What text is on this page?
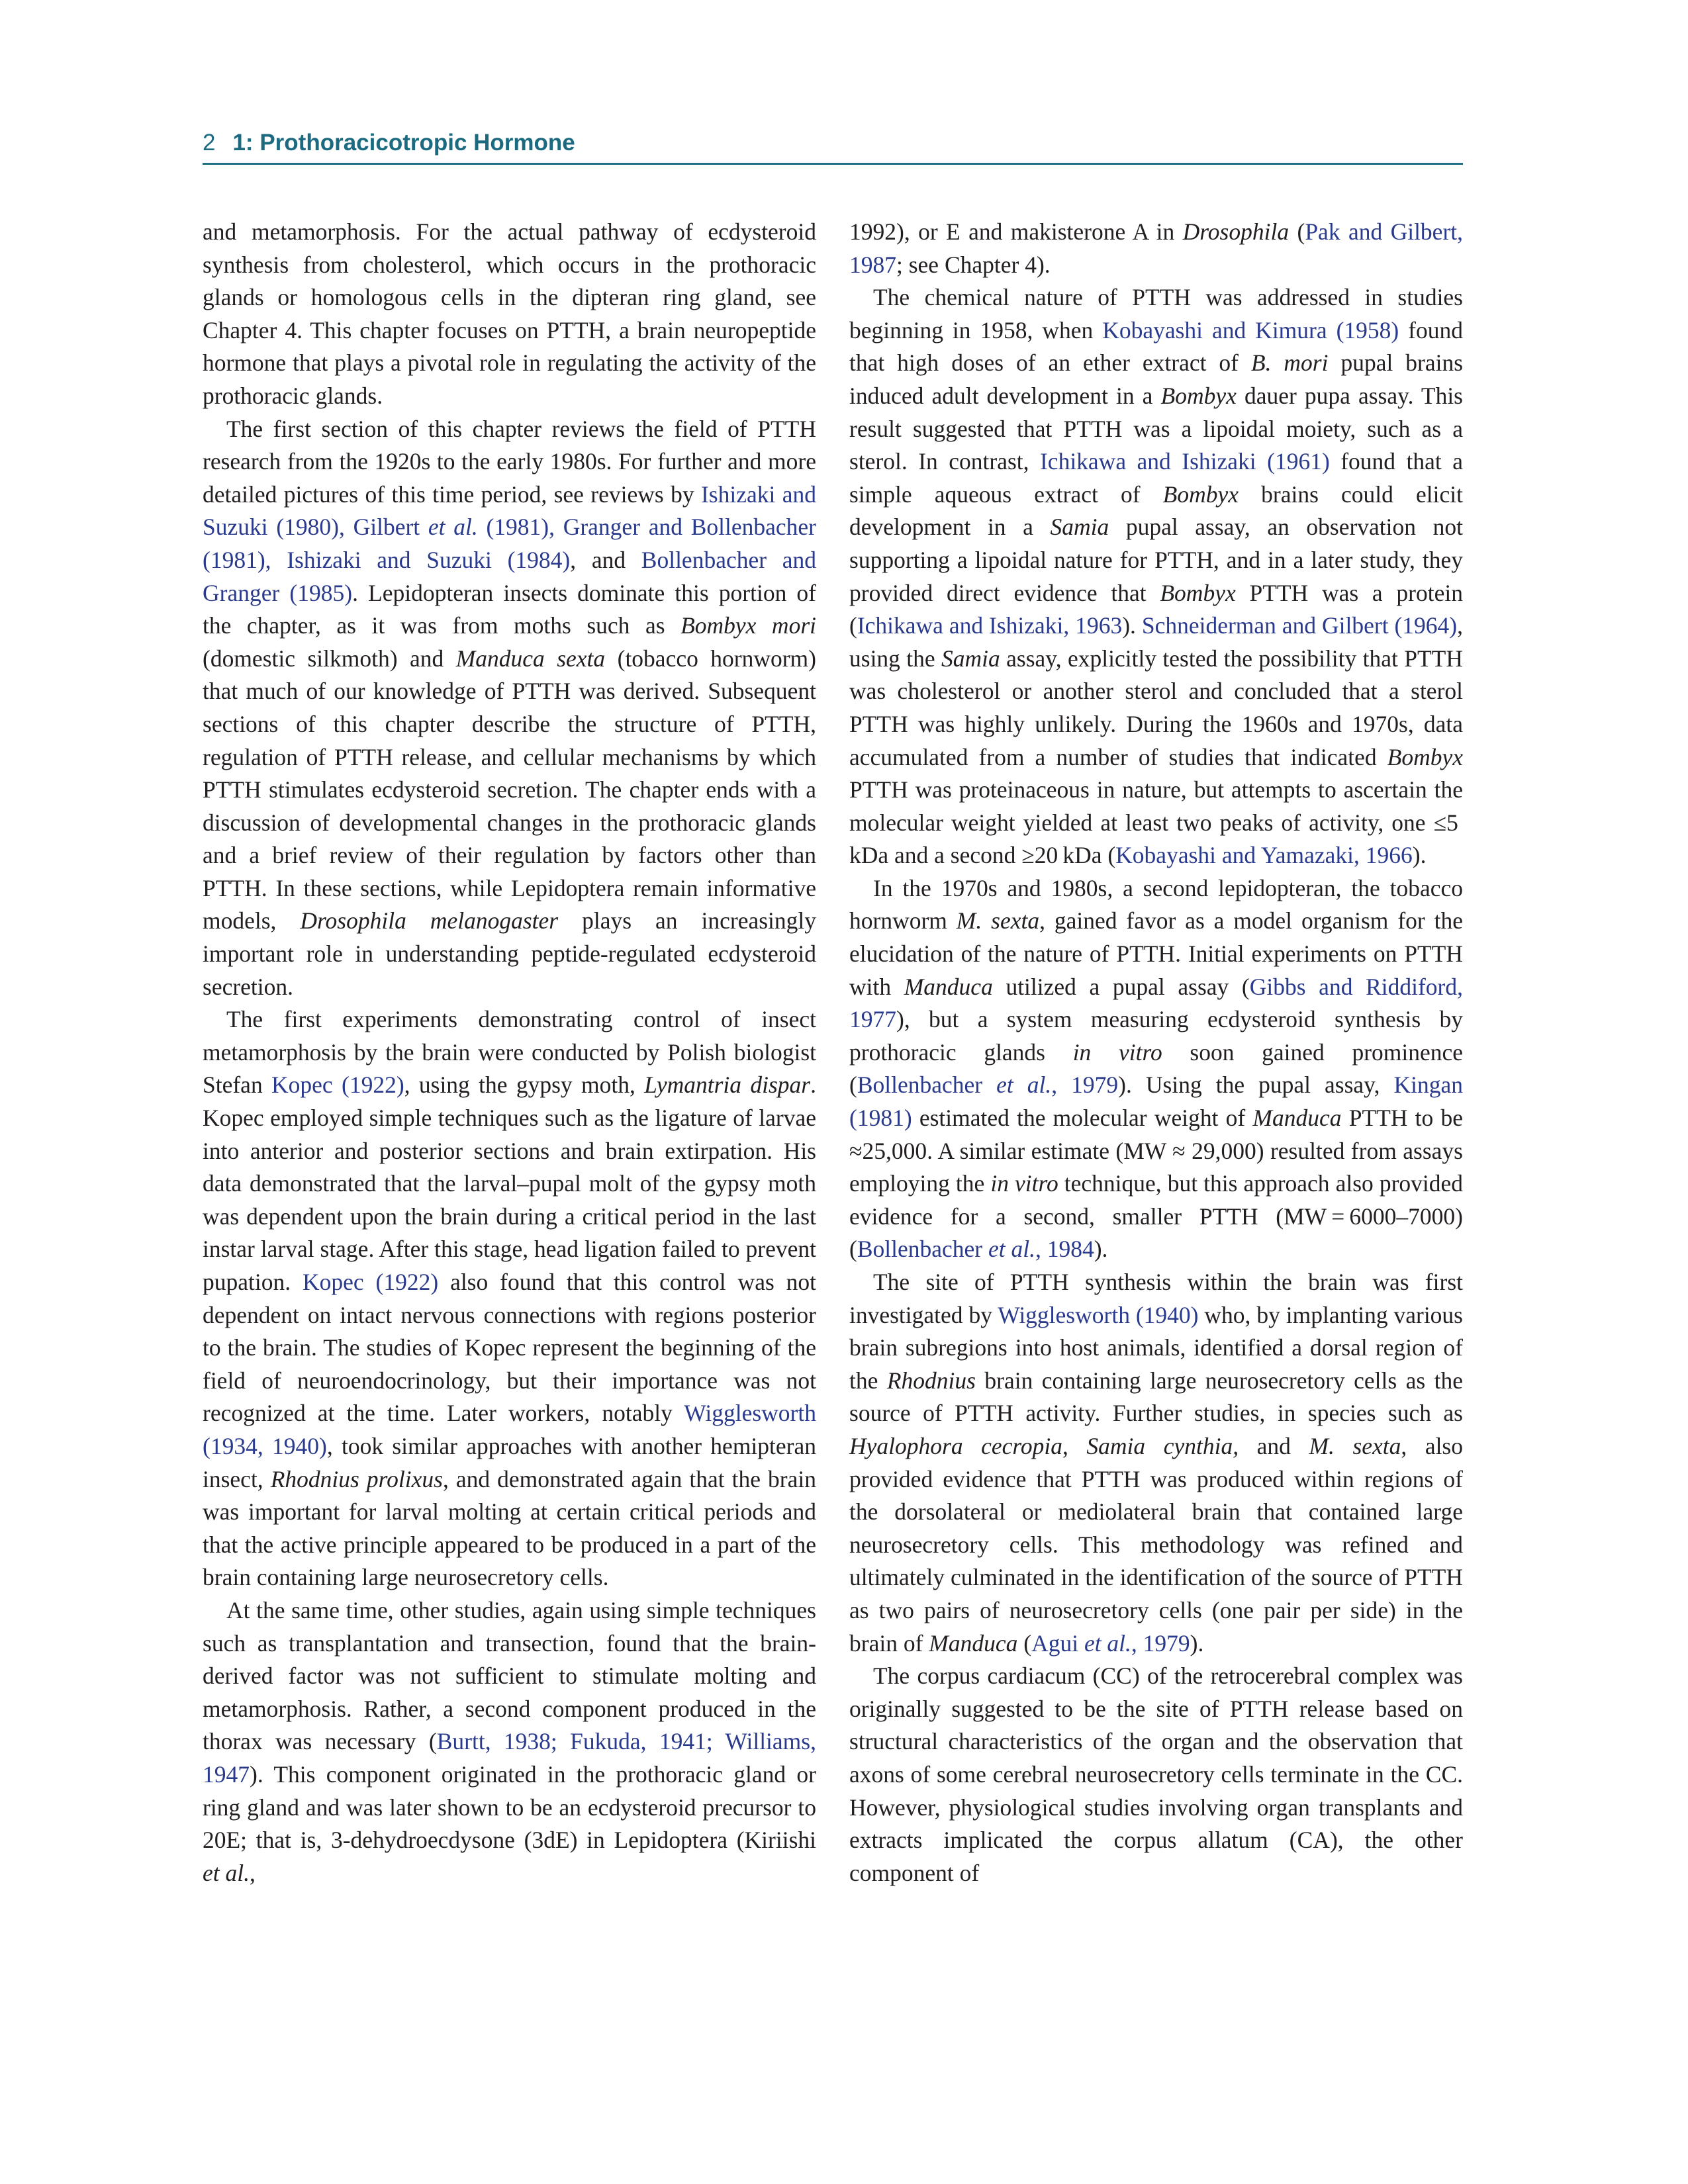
2 1: Prothoracicotropic Hormone

and metamorphosis. For the actual pathway of ecdysteroid synthesis from cholesterol, which occurs in the prothoracic glands or homologous cells in the dipteran ring gland, see Chapter 4. This chapter focuses on PTTH, a brain neuropeptide hormone that plays a pivotal role in regulating the activity of the prothoracic glands.

The first section of this chapter reviews the field of PTTH research from the 1920s to the early 1980s. For further and more detailed pictures of this time period, see reviews by Ishizaki and Suzuki (1980), Gilbert et al. (1981), Granger and Bollenbacher (1981), Ishizaki and Suzuki (1984), and Bollenbacher and Granger (1985). Lepidopteran insects dominate this portion of the chapter, as it was from moths such as Bombyx mori (domestic silkmoth) and Manduca sexta (tobacco hornworm) that much of our knowledge of PTTH was derived. Subsequent sections of this chapter describe the structure of PTTH, regulation of PTTH release, and cellular mechanisms by which PTTH stimulates ecdysteroid secretion. The chapter ends with a discussion of developmental changes in the prothoracic glands and a brief review of their regulation by factors other than PTTH. In these sections, while Lepidoptera remain informative models, Drosophila melanogaster plays an increasingly important role in understanding peptide-regulated ecdysteroid secretion.

The first experiments demonstrating control of insect metamorphosis by the brain were conducted by Polish biologist Stefan Kopec (1922), using the gypsy moth, Lymantria dispar. Kopec employed simple techniques such as the ligature of larvae into anterior and posterior sections and brain extirpation. His data demonstrated that the larval–pupal molt of the gypsy moth was dependent upon the brain during a critical period in the last instar larval stage. After this stage, head ligation failed to prevent pupation. Kopec (1922) also found that this control was not dependent on intact nervous connections with regions posterior to the brain. The studies of Kopec represent the beginning of the field of neuroendocrinology, but their importance was not recognized at the time. Later workers, notably Wigglesworth (1934, 1940), took similar approaches with another hemipteran insect, Rhodnius prolixus, and demonstrated again that the brain was important for larval molting at certain critical periods and that the active principle appeared to be produced in a part of the brain containing large neurosecretory cells.

At the same time, other studies, again using simple techniques such as transplantation and transection, found that the brain-derived factor was not sufficient to stimulate molting and metamorphosis. Rather, a second component produced in the thorax was necessary (Burtt, 1938; Fukuda, 1941; Williams, 1947). This component originated in the prothoracic gland or ring gland and was later shown to be an ecdysteroid precursor to 20E; that is, 3-dehydroecdysone (3dE) in Lepidoptera (Kiriishi et al.,

1992), or E and makisterone A in Drosophila (Pak and Gilbert, 1987; see Chapter 4).

The chemical nature of PTTH was addressed in studies beginning in 1958, when Kobayashi and Kimura (1958) found that high doses of an ether extract of B. mori pupal brains induced adult development in a Bombyx dauer pupa assay. This result suggested that PTTH was a lipoidal moiety, such as a sterol. In contrast, Ichikawa and Ishizaki (1961) found that a simple aqueous extract of Bombyx brains could elicit development in a Samia pupal assay, an observation not supporting a lipoidal nature for PTTH, and in a later study, they provided direct evidence that Bombyx PTTH was a protein (Ichikawa and Ishizaki, 1963). Schneiderman and Gilbert (1964), using the Samia assay, explicitly tested the possibility that PTTH was cholesterol or another sterol and concluded that a sterol PTTH was highly unlikely. During the 1960s and 1970s, data accumulated from a number of studies that indicated Bombyx PTTH was proteinaceous in nature, but attempts to ascertain the molecular weight yielded at least two peaks of activity, one ≤5 kDa and a second ≥20 kDa (Kobayashi and Yamazaki, 1966).

In the 1970s and 1980s, a second lepidopteran, the tobacco hornworm M. sexta, gained favor as a model organism for the elucidation of the nature of PTTH. Initial experiments on PTTH with Manduca utilized a pupal assay (Gibbs and Riddiford, 1977), but a system measuring ecdysteroid synthesis by prothoracic glands in vitro soon gained prominence (Bollenbacher et al., 1979). Using the pupal assay, Kingan (1981) estimated the molecular weight of Manduca PTTH to be ≈25,000. A similar estimate (MW ≈ 29,000) resulted from assays employing the in vitro technique, but this approach also provided evidence for a second, smaller PTTH (MW = 6000–7000) (Bollenbacher et al., 1984).

The site of PTTH synthesis within the brain was first investigated by Wigglesworth (1940) who, by implanting various brain subregions into host animals, identified a dorsal region of the Rhodnius brain containing large neurosecretory cells as the source of PTTH activity. Further studies, in species such as Hyalophora cecropia, Samia cynthia, and M. sexta, also provided evidence that PTTH was produced within regions of the dorsolateral or mediolateral brain that contained large neurosecretory cells. This methodology was refined and ultimately culminated in the identification of the source of PTTH as two pairs of neurosecretory cells (one pair per side) in the brain of Manduca (Agui et al., 1979).

The corpus cardiacum (CC) of the retrocerebral complex was originally suggested to be the site of PTTH release based on structural characteristics of the organ and the observation that axons of some cerebral neurosecretory cells terminate in the CC. However, physiological studies involving organ transplants and extracts implicated the corpus allatum (CA), the other component of
